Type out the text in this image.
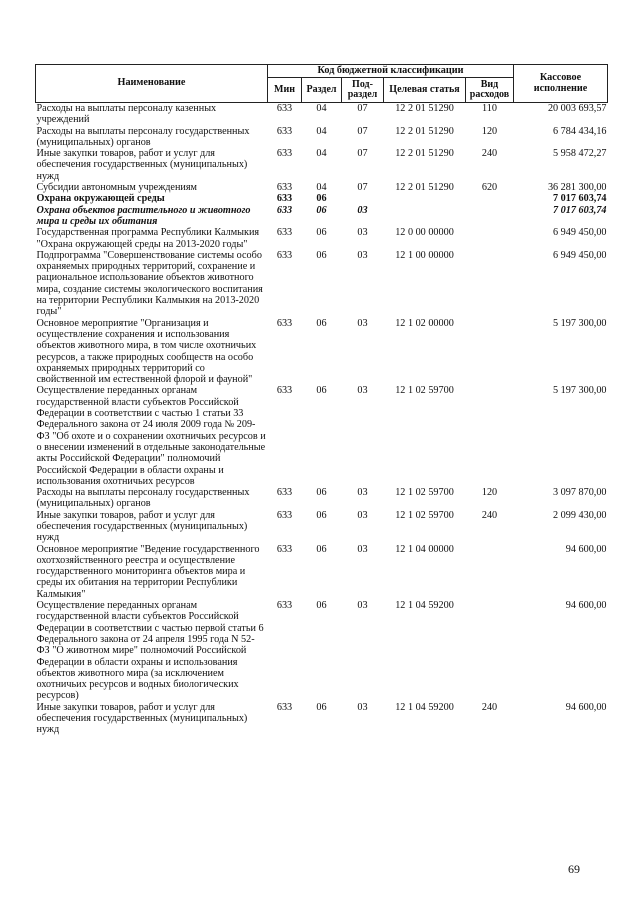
Наименование	Код бюджетной классификации					Кассовое исполнение
	Мин	Раздел	Под-раздел	Целевая статья	Вид расходов	
Расходы на выплаты персоналу казенных учреждений	633	04	07	12 2 01 51290	110	20 003 693,57
Расходы на выплаты персоналу государственных (муниципальных) органов	633	04	07	12 2 01 51290	120	6 784 434,16
Иные закупки товаров, работ и услуг для обеспечения государственных (муниципальных) нужд	633	04	07	12 2 01 51290	240	5 958 472,27
Субсидии автономным учреждениям	633	04	07	12 2 01 51290	620	36 281 300,00
Охрана окружающей среды	633	06				7 017 603,74
Охрана объектов растительного и животного мира и среды их обитания	633	06	03			7 017 603,74
Государственная программа Республики Калмыкия "Охрана окружающей среды на 2013-2020 годы"	633	06	03	12 0 00 00000		6 949 450,00
Подпрограмма "Совершенствование системы особо охраняемых природных территорий, сохранение и рациональное использование объектов животного мира, создание системы экологического воспитания на территории Республики Калмыкия на 2013-2020 годы"	633	06	03	12 1 00 00000		6 949 450,00
Основное мероприятие "Организация и осуществление сохранения и использования объектов животного мира, в том числе охотничьих ресурсов, а также природных сообществ на особо охраняемых природных территорий со свойственной им естественной флорой и фауной"	633	06	03	12 1 02 00000		5 197 300,00
Осуществление переданных органам государственной власти субъектов Российской Федерации в соответствии с частью 1 статьи 33 Федерального закона от 24 июля 2009 года № 209-ФЗ "Об охоте и о сохранении охотничьих ресурсов и о внесении изменений в отдельные законодательные акты Российской Федерации" полномочий Российской Федерации в области охраны и использования охотничьих ресурсов	633	06	03	12 1 02 59700		5 197 300,00
Расходы на выплаты персоналу государственных (муниципальных) органов	633	06	03	12 1 02 59700	120	3 097 870,00
Иные закупки товаров, работ и услуг для обеспечения государственных (муниципальных) нужд	633	06	03	12 1 02 59700	240	2 099 430,00
Основное мероприятие "Ведение государственного охотхозяйственного реестра и осуществление государственного мониторинга объектов мира и среды их обитания на территории Республики Калмыкия"	633	06	03	12 1 04 00000		94 600,00
Осуществление переданных органам государственной власти субъектов Российской Федерации в соответствии с частью первой статьи 6 Федерального закона от 24 апреля 1995 года N 52-ФЗ "О животном мире" полномочий Российской Федерации в области охраны и использования объектов животного мира (за исключением охотничьих ресурсов и водных биологических ресурсов)	633	06	03	12 1 04 59200		94 600,00
Иные закупки товаров, работ и услуг для обеспечения государственных (муниципальных) нужд	633	06	03	12 1 04 59200	240	94 600,00
69
